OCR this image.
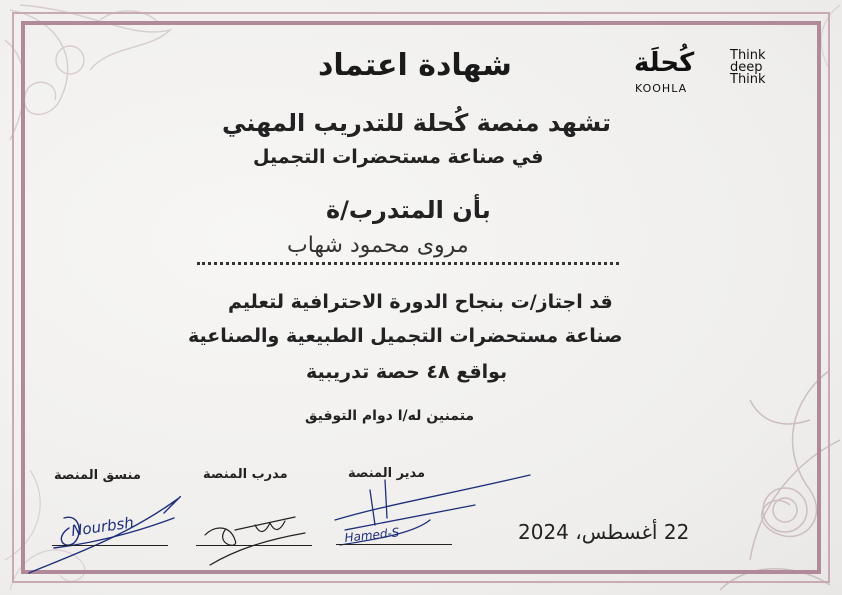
كُحلَة
KOOHLA
Think deep Think
شهادة اعتماد
تشهد منصة كُحلة للتدريب المهني
في صناعة مستحضرات التجميل
بأن المتدرب/ة
مروى محمود شهاب
قد اجتاز/ت بنجاح الدورة الاحترافية لتعليم
صناعة مستحضرات التجميل الطبيعية والصناعية
بواقع ٤٨ حصة تدريبية
متمنين له/ا دوام التوفيق
منسق المنصة	مدرب المنصة	مدير المنصة
Nourbsh	Hamed-S	22 أغسطس، 2024
